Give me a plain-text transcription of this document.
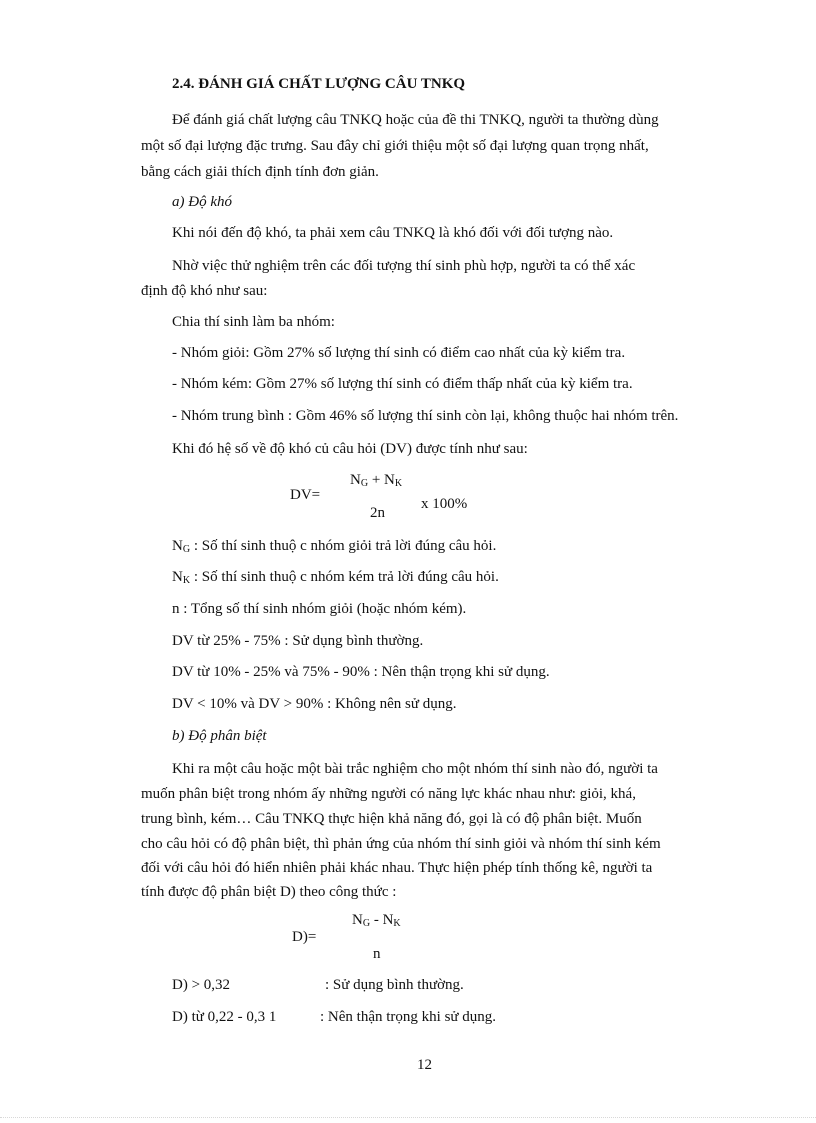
2.4. ĐÁNH GIÁ CHẤT LƯỢNG CÂU TNKQ
Để đánh giá chất lượng câu TNKQ hoặc của đề thi TNKQ, người ta thường dùng
một số đại lượng đặc trưng. Sau đây chỉ giới thiệu một số đại lượng quan trọng nhất,
bằng cách giải thích định tính đơn giản.
a) Độ khó
Khi nói đến độ khó, ta phải xem câu TNKQ là khó đối với đối tượng nào.
Nhờ việc thử nghiệm trên các đối tượng thí sinh phù hợp, người ta có thể xác
định độ khó như sau:
Chia thí sinh làm ba nhóm:
- Nhóm giỏi: Gồm 27% số lượng thí sinh có điểm cao nhất của kỳ kiểm tra.
- Nhóm kém: Gồm 27% số lượng thí sinh có điểm thấp nhất của kỳ kiểm tra.
- Nhóm trung bình : Gồm 46% số lượng thí sinh còn lại, không thuộc hai nhóm trên.
Khi đó hệ số về độ khó củ câu hỏi (DV) được tính như sau:
DV=
$N_G + N_K$
2n
x 100%
$N_G$ : Số thí sinh thuộ c nhóm giỏi trả lời đúng câu hỏi.
$N_K$ : Số thí sinh thuộ c nhóm kém trả lời đúng câu hỏi.
n : Tổng số thí sinh nhóm giỏi (hoặc nhóm kém).
DV từ 25% - 75% : Sử dụng bình thường.
DV từ 10% - 25% và 75% - 90% : Nên thận trọng khi sử dụng.
DV < 10% và DV > 90% : Không nên sử dụng.
b) Độ phân biệt
Khi ra một câu hoặc một bài trắc nghiệm cho một nhóm thí sinh nào đó, người ta
muốn phân biệt trong nhóm ấy những người có năng lực khác nhau như: giỏi, khá,
trung bình, kém… Câu TNKQ thực hiện khả năng đó, gọi là có độ phân biệt. Muốn
cho câu hỏi có độ phân biệt, thì phản ứng của nhóm thí sinh giỏi và nhóm thí sinh kém
đối với câu hỏi đó hiển nhiên phải khác nhau. Thực hiện phép tính thống kê, người ta
tính được độ phân biệt D) theo công thức :
D)=
$N_G - N_K$
n
D) > 0,32	: Sử dụng bình thường.
D) từ 0,22 - 0,3 1	: Nên thận trọng khi sử dụng.
12
